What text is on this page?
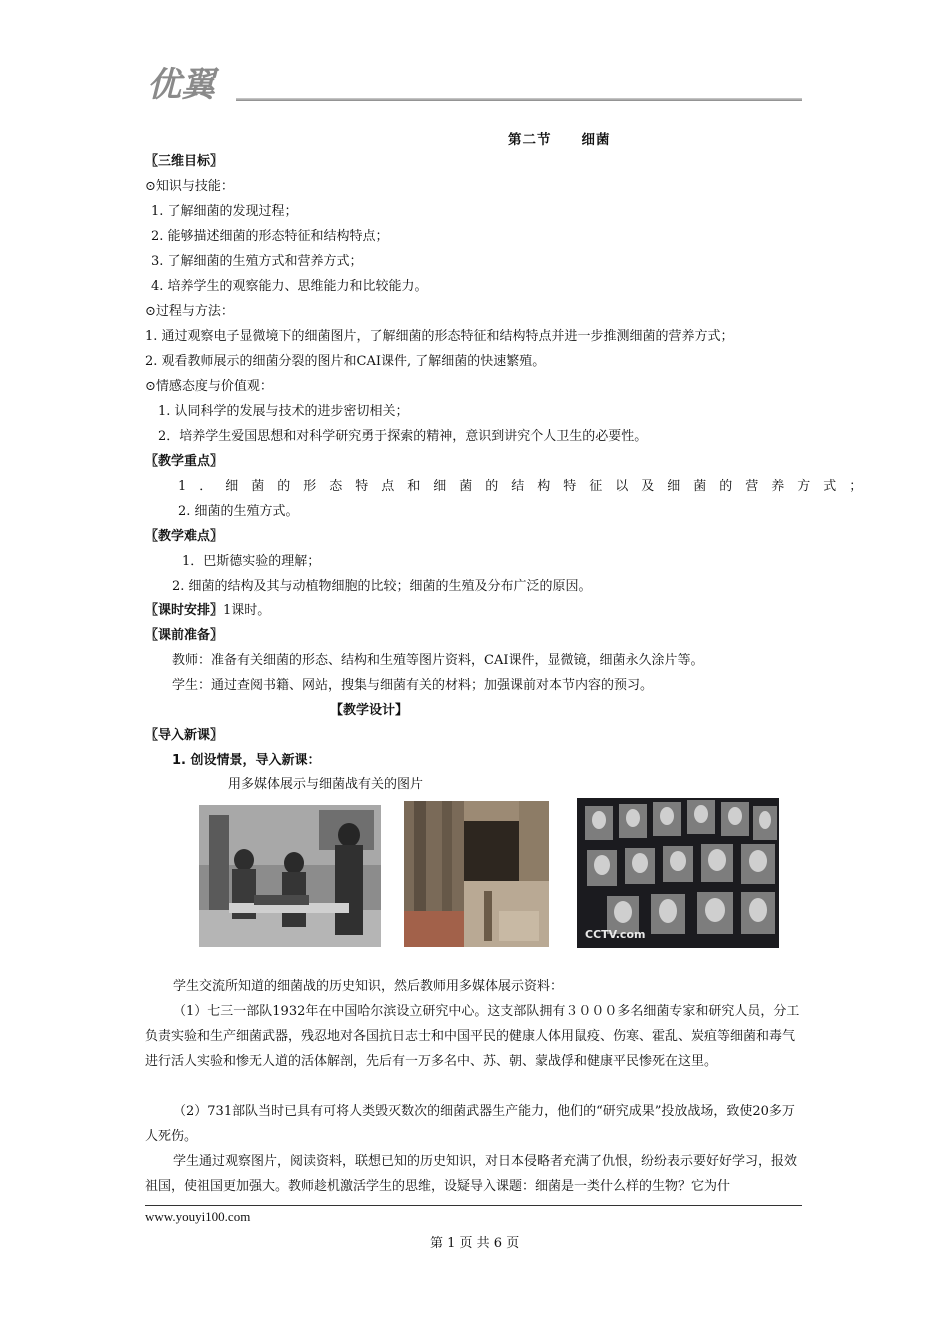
优翼
第二节 细菌
〖三维目标〗
⊙知识与技能：
1. 了解细菌的发现过程；
2. 能够描述细菌的形态特征和结构特点；
3. 了解细菌的生殖方式和营养方式；
4. 培养学生的观察能力、思维能力和比较能力。
⊙过程与方法：
1. 通过观察电子显微境下的细菌图片，了解细菌的形态特征和结构特点并进一步推测细菌的营养方式；
2. 观看教师展示的细菌分裂的图片和CAI课件, 了解细菌的快速繁殖。
⊙情感态度与价值观：
1. 认同科学的发展与技术的进步密切相关；
2．培养学生爱国思想和对科学研究勇于探索的精神，意识到讲究个人卫生的必要性。
〖教学重点〗
1．细菌的形态特点和细菌的结构特征以及细菌的营养方式；
2. 细菌的生殖方式。
〖教学难点〗
1．巴斯德实验的理解；
2. 细菌的结构及其与动植物细胞的比较；细菌的生殖及分布广泛的原因。
〖课时安排〗1课时。
〖课前准备〗
教师：准备有关细菌的形态、结构和生殖等图片资料，CAI课件，显微镜，细菌永久涂片等。
学生：通过查阅书籍、网站，搜集与细菌有关的材料；加强课前对本节内容的预习。
【教学设计】
〖导入新课〗
1. 创设情景，导入新课：
用多媒体展示与细菌战有关的图片
CCTV.com
学生交流所知道的细菌战的历史知识，然后教师用多媒体展示资料：
（1）七三一部队1932年在中国哈尔滨设立研究中心。这支部队拥有３０００多名细菌专家和研究人员，分工负责实验和生产细菌武器，残忍地对各国抗日志士和中国平民的健康人体用鼠疫、伤寒、霍乱、炭疽等细菌和毒气进行活人实验和惨无人道的活体解剖，先后有一万多名中、苏、朝、蒙战俘和健康平民惨死在这里。
（2）731部队当时已具有可将人类毁灭数次的细菌武器生产能力，他们的“研究成果”投放战场，致使20多万人死伤。
学生通过观察图片，阅读资料，联想已知的历史知识，对日本侵略者充满了仇恨，纷纷表示要好好学习，报效祖国，使祖国更加强大。教师趁机激活学生的思维，设疑导入课题：细菌是一类什么样的生物？它为什
www.youyi100.com
第 1 页 共 6 页
